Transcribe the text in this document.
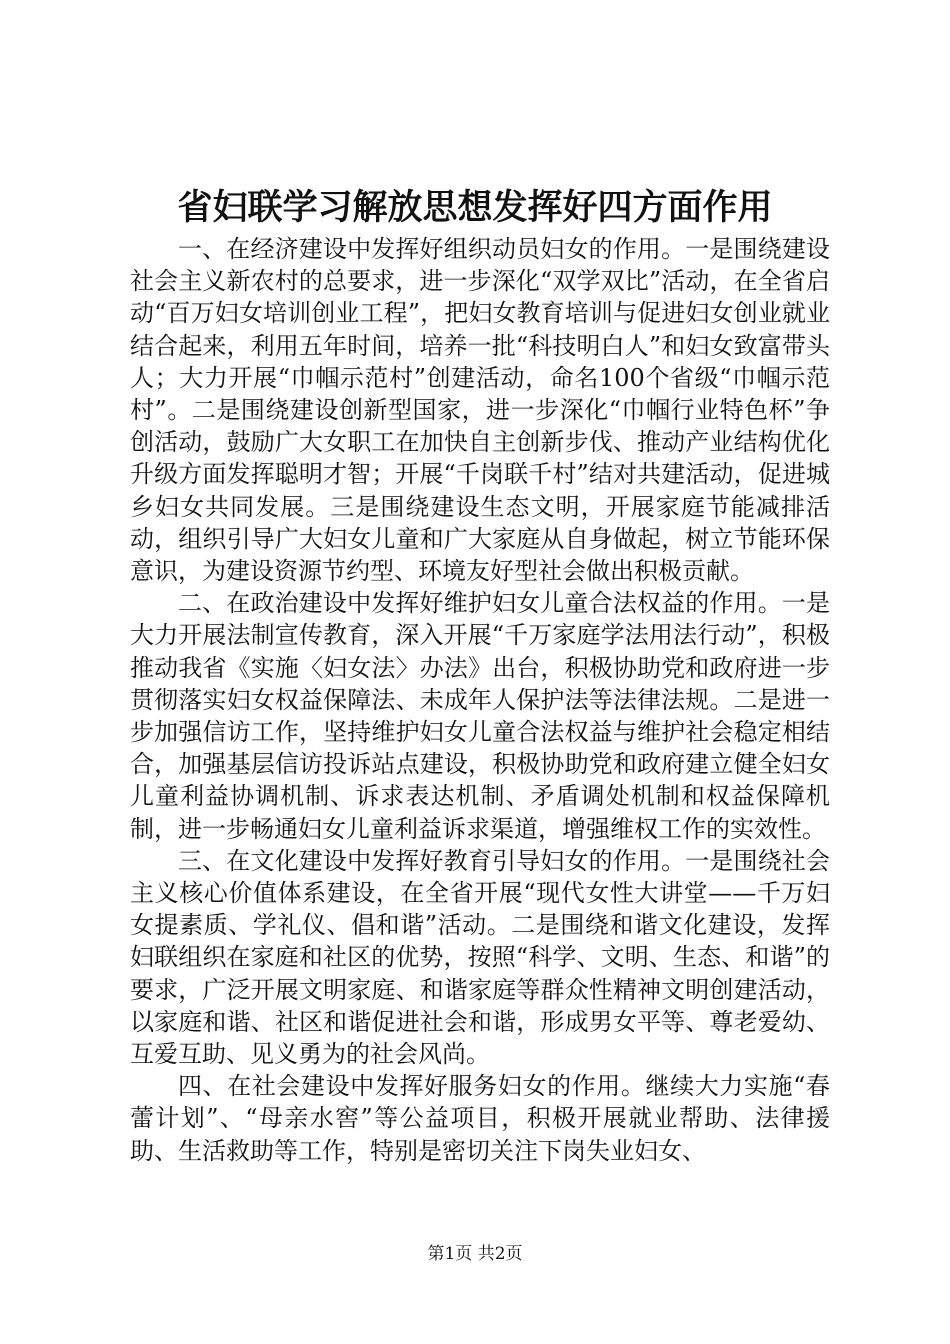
省妇联学习解放思想发挥好四方面作用

一、在经济建设中发挥好组织动员妇女的作用。一是围绕建设社会主义新农村的总要求，进一步深化“双学双比”活动，在全省启动“百万妇女培训创业工程”，把妇女教育培训与促进妇女创业就业结合起来，利用五年时间，培养一批“科技明白人”和妇女致富带头人；大力开展“巾帼示范村”创建活动，命名100个省级“巾帼示范村”。二是围绕建设创新型国家，进一步深化“巾帼行业特色杯”争创活动，鼓励广大女职工在加快自主创新步伐、推动产业结构优化升级方面发挥聪明才智；开展“千岗联千村”结对共建活动，促进城乡妇女共同发展。三是围绕建设生态文明，开展家庭节能减排活动，组织引导广大妇女儿童和广大家庭从自身做起，树立节能环保意识，为建设资源节约型、环境友好型社会做出积极贡献。

二、在政治建设中发挥好维护妇女儿童合法权益的作用。一是大力开展法制宣传教育，深入开展“千万家庭学法用法行动”，积极推动我省《实施〈妇女法〉办法》出台，积极协助党和政府进一步贯彻落实妇女权益保障法、未成年人保护法等法律法规。二是进一步加强信访工作，坚持维护妇女儿童合法权益与维护社会稳定相结合，加强基层信访投诉站点建设，积极协助党和政府建立健全妇女儿童利益协调机制、诉求表达机制、矛盾调处机制和权益保障机制，进一步畅通妇女儿童利益诉求渠道，增强维权工作的实效性。

三、在文化建设中发挥好教育引导妇女的作用。一是围绕社会主义核心价值体系建设，在全省开展“现代女性大讲堂——千万妇女提素质、学礼仪、倡和谐”活动。二是围绕和谐文化建设，发挥妇联组织在家庭和社区的优势，按照“科学、文明、生态、和谐”的要求，广泛开展文明家庭、和谐家庭等群众性精神文明创建活动，以家庭和谐、社区和谐促进社会和谐，形成男女平等、尊老爱幼、互爱互助、见义勇为的社会风尚。

四、在社会建设中发挥好服务妇女的作用。继续大力实施“春蕾计划”、“母亲水窖”等公益项目，积极开展就业帮助、法律援助、生活救助等工作，特别是密切关注下岗失业妇女、

第1页 共2页
